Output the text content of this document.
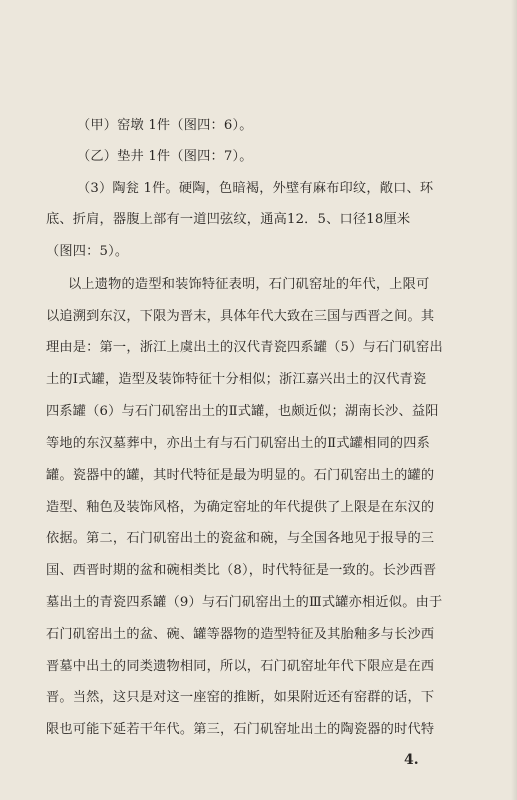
（甲）窑墩 1件（图四：6）。
（乙）垫井 1件（图四：7）。
（3）陶瓮 1件。硬陶，色暗褐，外壁有麻布印纹，敞口、环
底、折肩，器腹上部有一道凹弦纹，通高12．5、口径18厘米
（图四：5）。
以上遗物的造型和装饰特征表明，石门矶窑址的年代，上限可
以追溯到东汉，下限为晋末，具体年代大致在三国与西晋之间。其
理由是：第一，浙江上虞出土的汉代青瓷四系罐（5）与石门矶窑出
土的Ⅰ式罐，造型及装饰特征十分相似；浙江嘉兴出土的汉代青瓷
四系罐（6）与石门矶窑出土的Ⅱ式罐，也颇近似；湖南长沙、益阳
等地的东汉墓葬中，亦出土有与石门矶窑出土的Ⅱ式罐相同的四系
罐。瓷器中的罐，其时代特征是最为明显的。石门矶窑出土的罐的
造型、釉色及装饰风格，为确定窑址的年代提供了上限是在东汉的
依据。第二，石门矶窑出土的瓷盆和碗，与全国各地见于报导的三
国、西晋时期的盆和碗相类比（8），时代特征是一致的。长沙西晋
墓出土的青瓷四系罐（9）与石门矶窑出土的Ⅲ式罐亦相近似。由于
石门矶窑出土的盆、碗、罐等器物的造型特征及其胎釉多与长沙西
晋墓中出土的同类遗物相同，所以，石门矶窑址年代下限应是在西
晋。当然，这只是对这一座窑的推断，如果附近还有窑群的话，下
限也可能下延若干年代。第三，石门矶窑址出土的陶瓷器的时代特
4.
